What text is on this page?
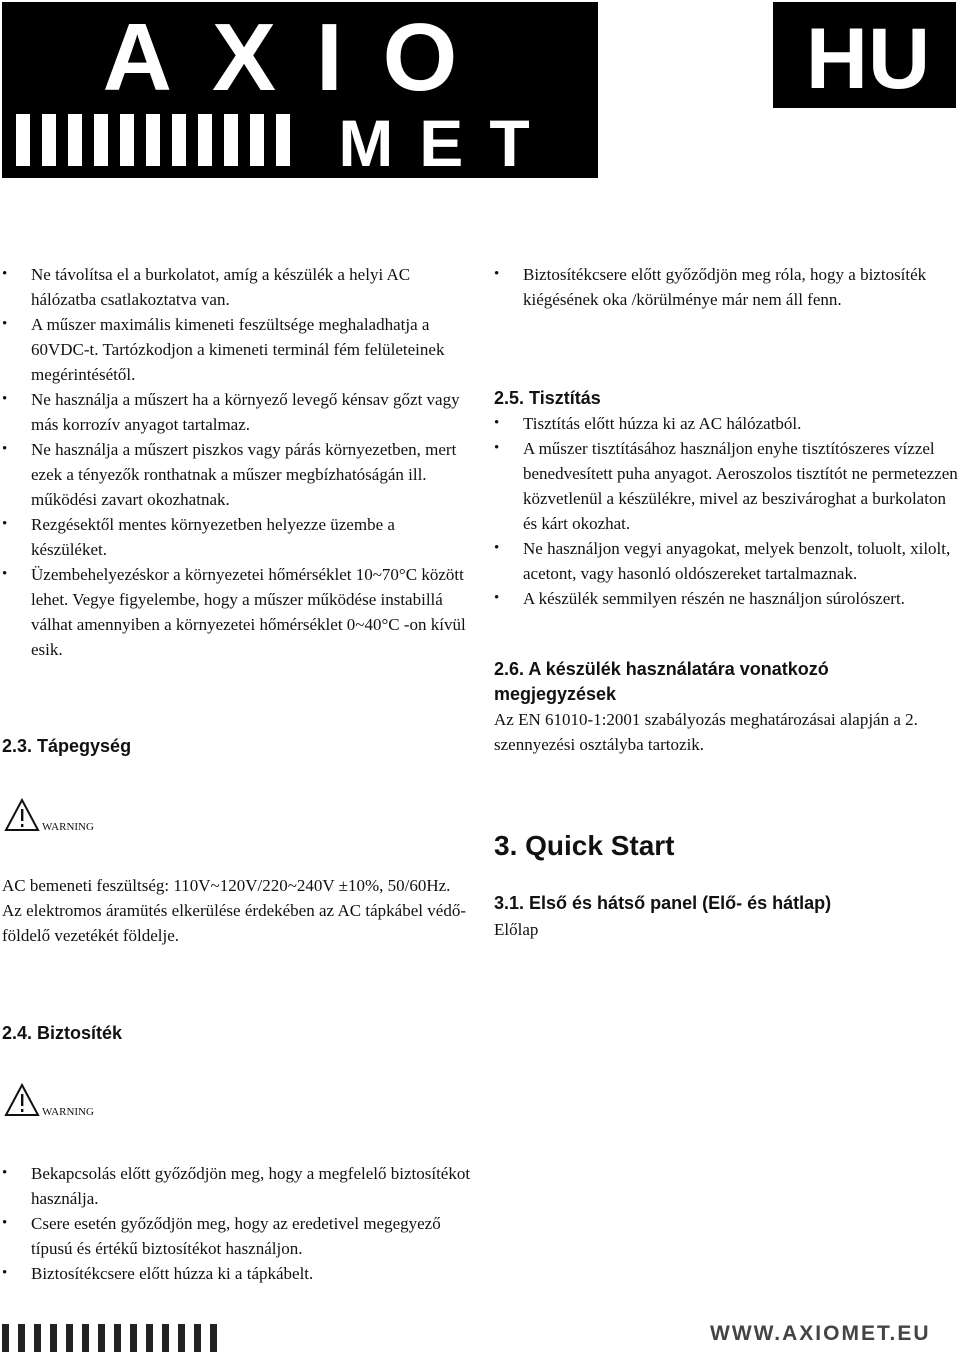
AXIO
MET
HU
• Ne távolítsa el a burkolatot, amíg a készülék a helyi AC hálózatba csatlakoztatva van.
• A műszer maximális kimeneti feszültsége meghaladhatja a 60VDC-t. Tartózkodjon a kimeneti terminál fém felületeinek megérintésétől.
• Ne használja a műszert ha a környező levegő kénsav gőzt vagy más korrozív anyagot tartalmaz.
• Ne használja a műszert piszkos vagy párás környezetben, mert ezek a tényezők ronthatnak a műszer megbízhatóságán ill. működési zavart okozhatnak.
• Rezgésektől mentes környezetben helyezze üzembe a készüléket.
• Üzembehelyezéskor a környezetei hőmérséklet 10~70°C között lehet. Vegye figyelembe, hogy a műszer működése instabillá válhat amennyiben a környezetei hőmérséklet 0~40°C -on kívül esik.
2.3. Tápegység
WARNING

AC bemeneti feszültség: 110V~120V/220~240V ±10%, 50/60Hz.

Az elektromos áramütés elkerülése érdekében az AC tápkábel védő-földelő vezetékét földelje.

2.4. Biztosíték
WARNING
• Bekapcsolás előtt győződjön meg, hogy a megfelelő biztosítékot használja.
• Csere esetén győződjön meg, hogy az eredetivel megegyező típusú és értékű biztosítékot használjon.
• Biztosítékcsere előtt húzza ki a tápkábelt.
• Biztosítékcsere előtt győződjön meg róla, hogy a biztosíték kiégésének oka /körülménye már nem áll fenn.
2.5. Tisztítás
• Tisztítás előtt húzza ki az AC hálózatból.
• A műszer tisztításához használjon enyhe tisztítószeres vízzel benedvesített puha anyagot. Aeroszolos tisztítót ne permetezzen közvetlenül a készülékre, mivel az beszivároghat a burkolaton és kárt okozhat.
• Ne használjon vegyi anyagokat, melyek benzolt, toluolt, xilolt, acetont, vagy hasonló oldószereket tartalmaznak.
• A készülék semmilyen részén ne használjon súrolószert.
2.6. A készülék használatára vonatkozó megjegyzések
Az EN 61010-1:2001 szabályozás meghatározásai alapján a 2. szennyezési osztályba tartozik.
3. Quick Start
3.1. Első és hátső panel (Elő- és hátlap)
Előlap
WWW.AXIOMET.EU
